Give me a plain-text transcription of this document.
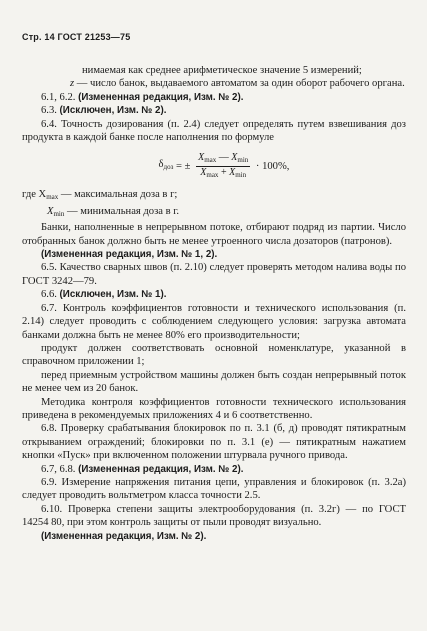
Стр. 14 ГОСТ 21253—75

нимаемая как среднее арифметическое значение 5 измерений;

z — число банок, выдаваемого автоматом за один оборот рабочего органа.

6.1, 6.2. (Измененная редакция, Изм. № 2).

6.3. (Исключен, Изм. № 2).

6.4. Точность дозирования (п. 2.4) следует определять путем взвешивания доз продукта в каждой банке после наполнения по формуле

$\delta_{доз}$ = ± $\frac{X_{max} — X_{min}}{X_{max} + X_{min}} \cdot 100\%$,

где $X_{max}$ — максимальная доза в г;

$X_{min}$ — минимальная доза в г.

Банки, наполненные в непрерывном потоке, отбирают подряд из партии. Число отобранных банок должно быть не менее утроенного числа дозаторов (патронов).

(Измененная редакция, Изм. № 1, 2).

6.5. Качество сварных швов (п. 2.10) следует проверять методом налива воды по ГОСТ 3242—79.

6.6. (Исключен, Изм. № 1).

6.7. Контроль коэффициентов готовности и технического использования (п. 2.14) следует проводить с соблюдением следующего условия: загрузка автомата банками должна быть не менее 80% его производительности;

продукт должен соответствовать основной номенклатуре, указанной в справочном приложении 1;

перед приемным устройством машины должен быть создан непрерывный поток не менее чем из 20 банок.

Методика контроля коэффициентов готовности технического использования приведена в рекомендуемых приложениях 4 и 6 соответственно.

6.8. Проверку срабатывания блокировок по п. 3.1 (б, д) проводят пятикратным открыванием ограждений; блокировки по п. 3.1 (е) — пятикратным нажатием кнопки «Пуск» при включенном положении штурвала ручного привода.

6.7, 6.8. (Измененная редакция, Изм. № 2).

6.9. Измерение напряжения питания цепи, управления и блокировок (п. 3.2а) следует проводить вольтметром класса точности 2.5.

6.10. Проверка степени защиты электрооборудования (п. 3.2г) — по ГОСТ 14254 80, при этом контроль защиты от пыли проводят визуально.

(Измененная редакция, Изм. № 2).
